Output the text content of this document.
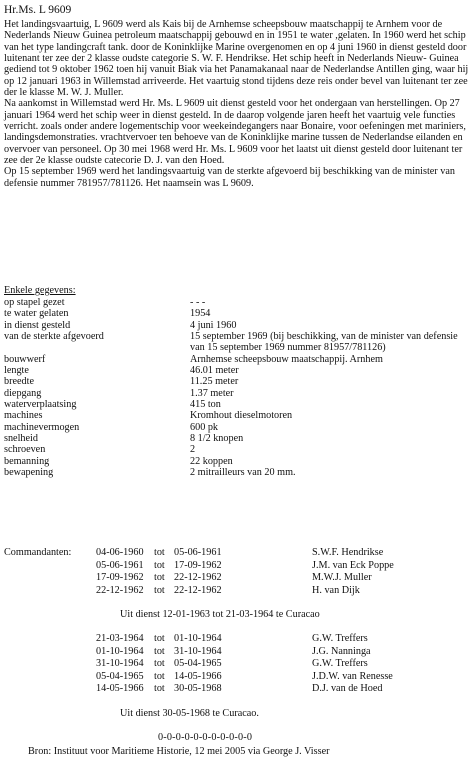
Hr.Ms. L 9609

Het landingsvaartuig, L 9609 werd als Kais bij de Arnhemse scheepsbouw maatschappij te Arnhem voor de Nederlands Nieuw Guinea petroleum maatschappij gebouwd en in 1951 te water ,gelaten. In 1960 werd het schip van het type landingcraft tank. door de Koninklijke Marine overgenomen en op 4 juni 1960 in dienst gesteld door luitenant ter zee der 2 klasse oudste categorie S. W. F. Hendrikse. Het schip heeft in Nederlands Nieuw- Guinea gediend tot 9 oktober 1962 toen hij vanuit Biak via het Panamakanaal naar de Nederlandse Antillen ging, waar hij op 12 januari 1963 in Willemstad arriveerde. Het vaartuig stond tijdens deze reis onder bevel van luitenant ter zee der le klasse M. W. J. Muller.

Na aankomst in Willemstad werd Hr. Ms. L 9609 uit dienst gesteld voor het ondergaan van herstellingen. Op 27 januari 1964 werd het schip weer in dienst gesteld. In de daarop volgende jaren heeft het vaartuig vele functies verricht. zoals onder andere logementschip voor weekeindegangers naar Bonaire, voor oefeningen met mariniers, landingsdemonstraties. vrachtvervoer ten behoeve van de Koninklijke marine tussen de Nederlandse eilanden en overvoer van personeel. Op 30 mei 1968 werd Hr. Ms. L 9609 voor het laatst uit dienst gesteld door luitenant ter zee der 2e klasse oudste catecorie D. J. van den Hoed.

Op 15 september 1969 werd het landingsvaartuig van de sterkte afgevoerd bij beschikking van de minister van defensie nummer 781957/781126. Het naamsein was L 9609.

Enkele gegevens:
op stapel gezet	- - -
te water gelaten	1954
in dienst gesteld	4 juni 1960
van de sterkte afgevoerd	15 september 1969 (bij beschikking, van de minister van defensie van 15 september 1969 nummer 81957/781126)
bouwwerf	Arnhemse scheepsbouw maatschappij. Arnhem
lengte	46.01 meter
breedte	11.25 meter
diepgang	1.37 meter
waterverplaatsing	415 ton
machines	Kromhout dieselmotoren
machinevermogen	600 pk
snelheid	8 1/2 knopen
schroeven	2
bemanning	22 koppen
bewapening	2 mitrailleurs van 20 mm.
Commandanten: 04-06-1960	tot 05-06-1961	S.W.F. Hendrikse
05-06-1961	tot 17-09-1962	J.M. van Eck Poppe
17-09-1962	tot 22-12-1962	M.W.J. Muller
22-12-1962	tot 22-12-1962	H. van Dijk
Uit dienst 12-01-1963 tot 21-03-1964 te Curacao
21-03-1964	tot 01-10-1964	G.W. Treffers
01-10-1964	tot 31-10-1964	J.G. Nanninga
31-10-1964	tot 05-04-1965	G.W. Treffers
05-04-1965	tot 14-05-1966	J.D.W. van Renesse
14-05-1966	tot 30-05-1968	D.J. van de Hoed
Uit dienst 30-05-1968 te Curacao.
0-0-0-0-0-0-0-0-0-0-0
Bron: Instituut voor Maritieme Historie, 12 mei 2005 via George J. Visser
